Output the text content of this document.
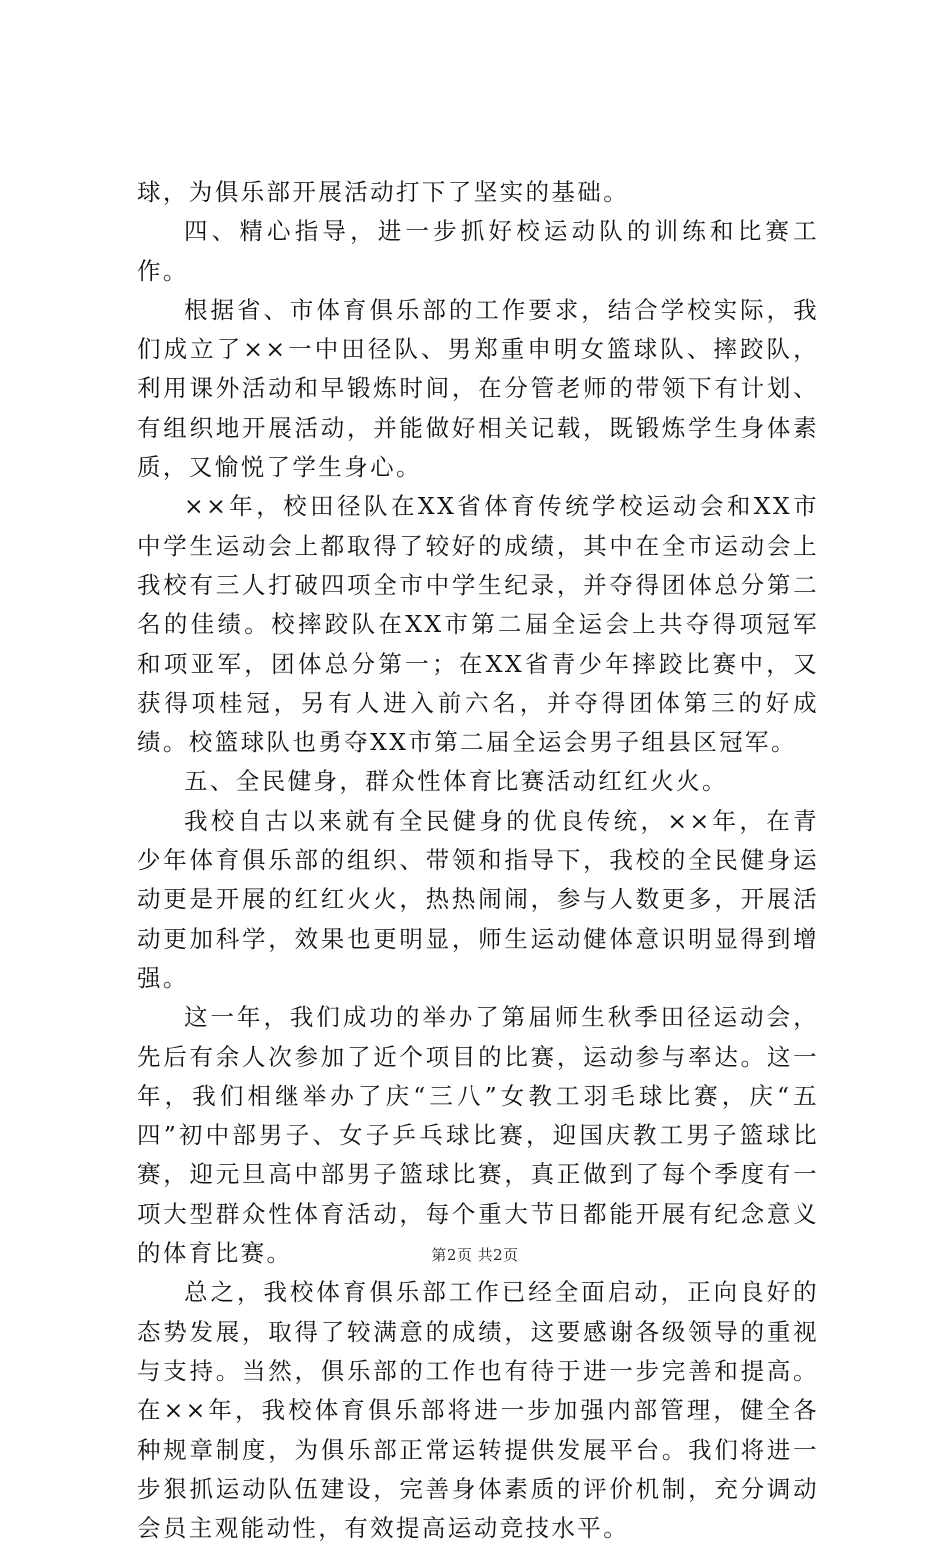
球，为俱乐部开展活动打下了坚实的基础。

四、精心指导，进一步抓好校运动队的训练和比赛工作。

根据省、市体育俱乐部的工作要求，结合学校实际，我们成立了××一中田径队、男郑重申明女篮球队、摔跤队，利用课外活动和早锻炼时间，在分管老师的带领下有计划、有组织地开展活动，并能做好相关记载，既锻炼学生身体素质，又愉悦了学生身心。

××年，校田径队在XX省体育传统学校运动会和XX市中学生运动会上都取得了较好的成绩，其中在全市运动会上我校有三人打破四项全市中学生纪录，并夺得团体总分第二名的佳绩。校摔跤队在XX市第二届全运会上共夺得项冠军和项亚军，团体总分第一；在XX省青少年摔跤比赛中，又获得项桂冠，另有人进入前六名，并夺得团体第三的好成绩。校篮球队也勇夺XX市第二届全运会男子组县区冠军。

五、全民健身，群众性体育比赛活动红红火火。

我校自古以来就有全民健身的优良传统，××年，在青少年体育俱乐部的组织、带领和指导下，我校的全民健身运动更是开展的红红火火，热热闹闹，参与人数更多，开展活动更加科学，效果也更明显，师生运动健体意识明显得到增强。

这一年，我们成功的举办了第届师生秋季田径运动会，先后有余人次参加了近个项目的比赛，运动参与率达。这一年，我们相继举办了庆“三八”女教工羽毛球比赛，庆“五四”初中部男子、女子乒乓球比赛，迎国庆教工男子篮球比赛，迎元旦高中部男子篮球比赛，真正做到了每个季度有一项大型群众性体育活动，每个重大节日都能开展有纪念意义的体育比赛。

总之，我校体育俱乐部工作已经全面启动，正向良好的态势发展，取得了较满意的成绩，这要感谢各级领导的重视与支持。当然，俱乐部的工作也有待于进一步完善和提高。在××年，我校体育俱乐部将进一步加强内部管理，健全各种规章制度，为俱乐部正常运转提供发展平台。我们将进一步狠抓运动队伍建设，完善身体素质的评价机制，充分调动会员主观能动性，有效提高运动竞技水平。

第2页 共2页
